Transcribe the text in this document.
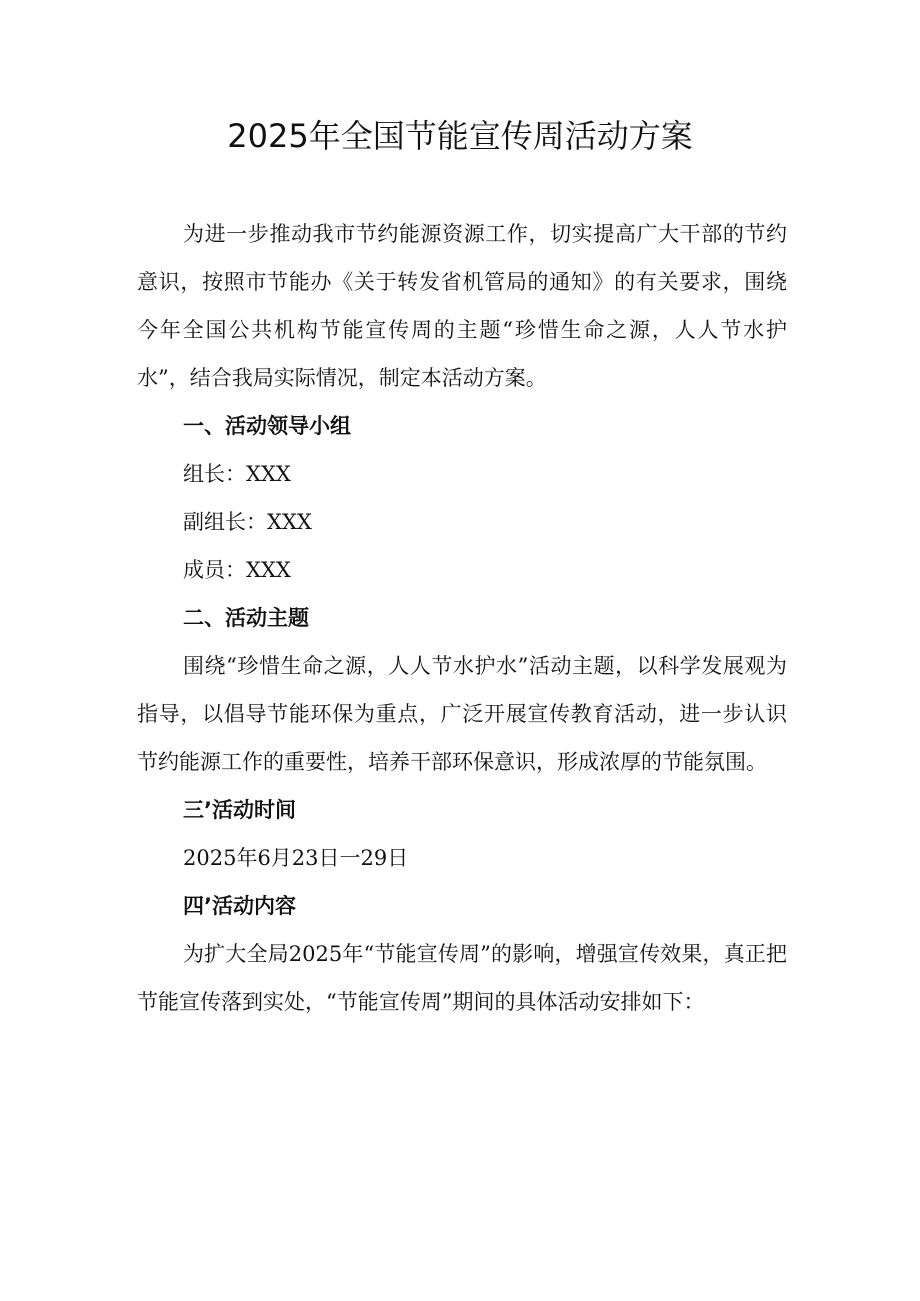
2025年全国节能宣传周活动方案

为进一步推动我市节约能源资源工作，切实提高广大干部的节约意识，按照市节能办《关于转发省机管局的通知》的有关要求，围绕今年全国公共机构节能宣传周的主题“珍惜生命之源，人人节水护水”，结合我局实际情况，制定本活动方案。

一、活动领导小组

组长：XXX

副组长：XXX

成员：XXX

二、活动主题

围绕“珍惜生命之源，人人节水护水”活动主题，以科学发展观为指导，以倡导节能环保为重点，广泛开展宣传教育活动，进一步认识节约能源工作的重要性，培养干部环保意识，形成浓厚的节能氛围。

三’活动时间

2025年6月23日一29日

四’活动内容

为扩大全局2025年“节能宣传周”的影响，增强宣传效果，真正把节能宣传落到实处，“节能宣传周”期间的具体活动安排如下：
